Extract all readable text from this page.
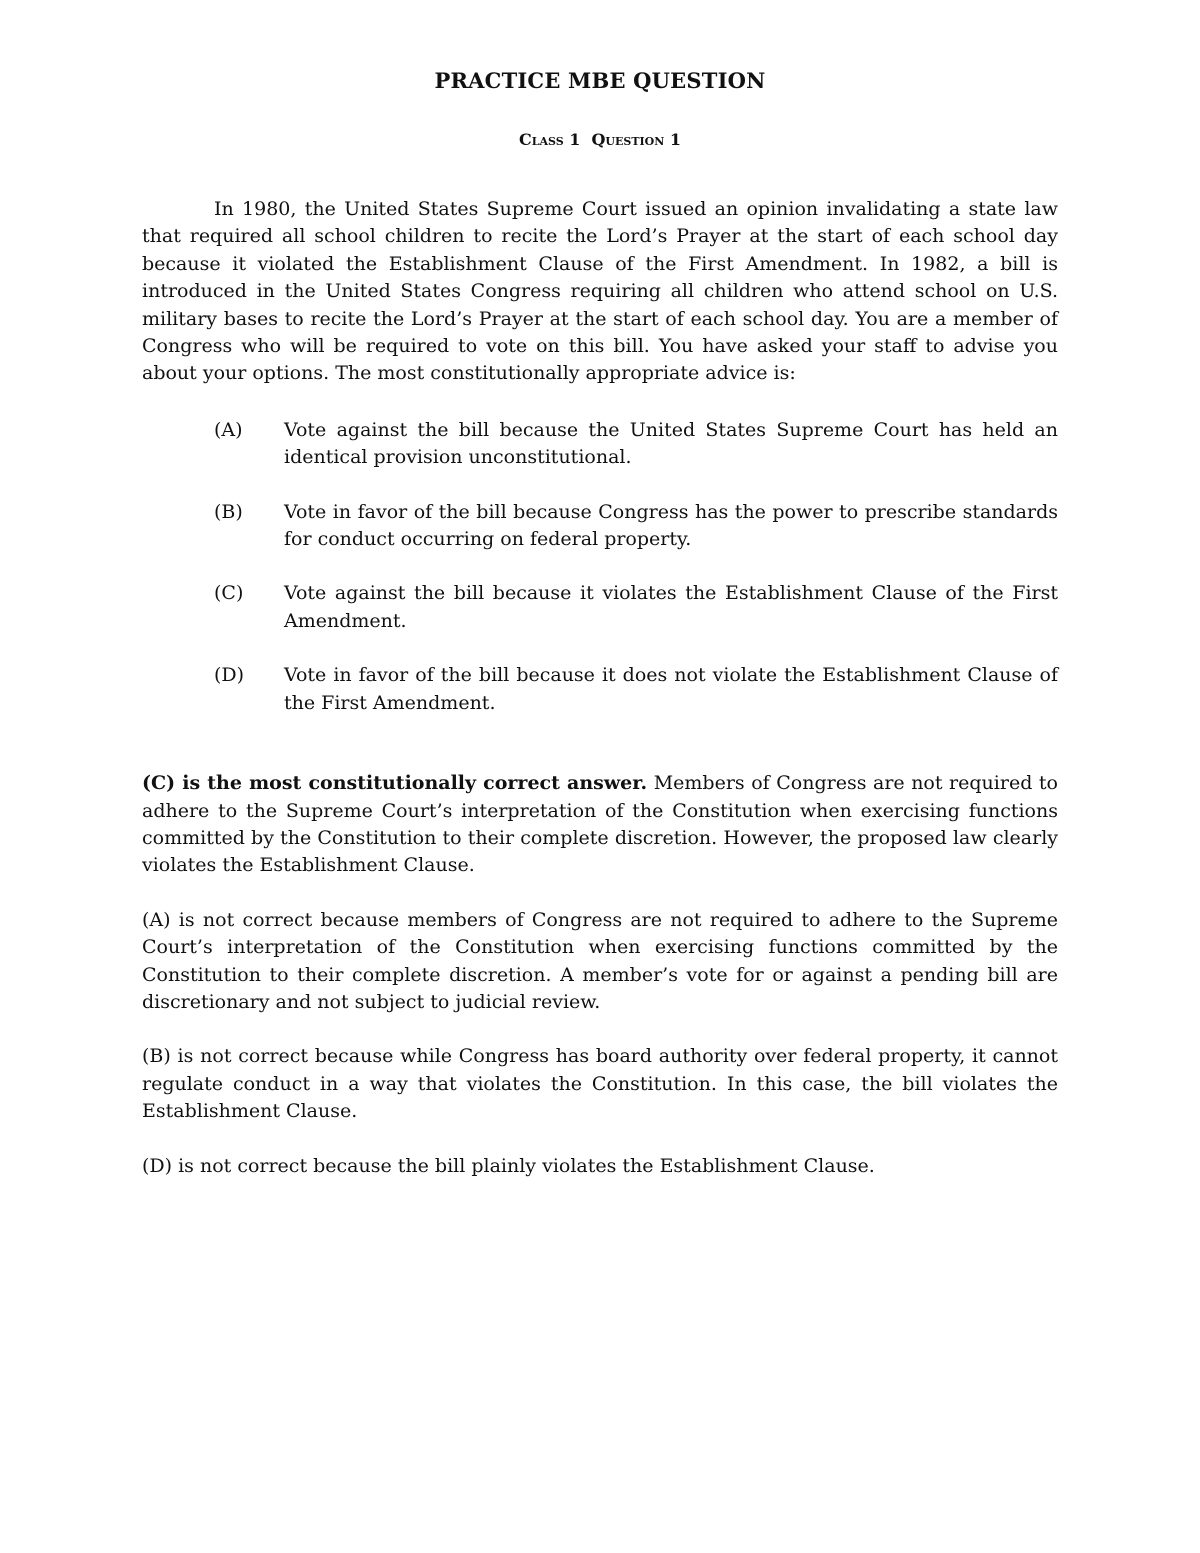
PRACTICE MBE QUESTION
Class 1 Question 1

In 1980, the United States Supreme Court issued an opinion invalidating a state law that required all school children to recite the Lord’s Prayer at the start of each school day because it violated the Establishment Clause of the First Amendment. In 1982, a bill is introduced in the United States Congress requiring all children who attend school on U.S. military bases to recite the Lord’s Prayer at the start of each school day. You are a member of Congress who will be required to vote on this bill. You have asked your staff to advise you about your options. The most constitutionally appropriate advice is:

(A)	Vote against the bill because the United States Supreme Court has held an identical provision unconstitutional.
(B)	Vote in favor of the bill because Congress has the power to prescribe standards for conduct occurring on federal property.
(C)	Vote against the bill because it violates the Establishment Clause of the First Amendment.
(D)	Vote in favor of the bill because it does not violate the Establishment Clause of the First Amendment.

(C) is the most constitutionally correct answer. Members of Congress are not required to adhere to the Supreme Court’s interpretation of the Constitution when exercising functions committed by the Constitution to their complete discretion. However, the proposed law clearly violates the Establishment Clause.

(A) is not correct because members of Congress are not required to adhere to the Supreme Court’s interpretation of the Constitution when exercising functions committed by the Constitution to their complete discretion. A member’s vote for or against a pending bill are discretionary and not subject to judicial review.

(B) is not correct because while Congress has board authority over federal property, it cannot regulate conduct in a way that violates the Constitution. In this case, the bill violates the Establishment Clause.

(D) is not correct because the bill plainly violates the Establishment Clause.
